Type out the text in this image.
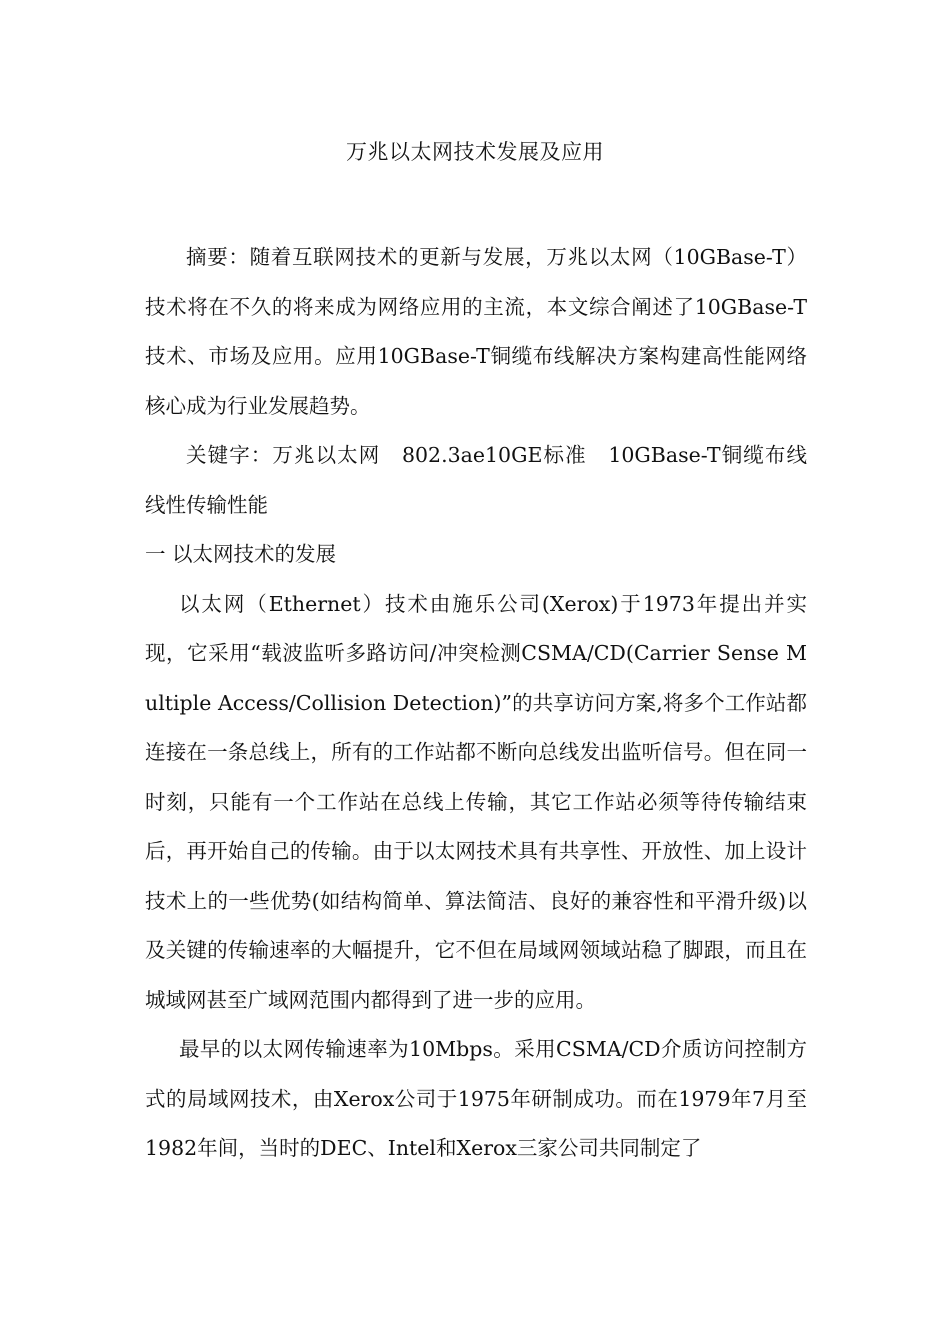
万兆以太网技术发展及应用

摘要：随着互联网技术的更新与发展，万兆以太网（10GBase-T）技术将在不久的将来成为网络应用的主流，本文综合阐述了10GBase-T技术、市场及应用。应用10GBase-T铜缆布线解决方案构建高性能网络核心成为行业发展趋势。

关键字：万兆以太网　802.3ae10GE标准　10GBase-T铜缆布线线性传输性能

一 以太网技术的发展

以太网（Ethernet）技术由施乐公司(Xerox)于1973年提出并实现，它采用“载波监听多路访问/冲突检测CSMA/CD(Carrier Sense Multiple Access/Collision Detection)”的共享访问方案,将多个工作站都连接在一条总线上，所有的工作站都不断向总线发出监听信号。但在同一时刻，只能有一个工作站在总线上传输，其它工作站必须等待传输结束后，再开始自己的传输。由于以太网技术具有共享性、开放性、加上设计技术上的一些优势(如结构简单、算法简洁、良好的兼容性和平滑升级)以及关键的传输速率的大幅提升，它不但在局域网领域站稳了脚跟，而且在城域网甚至广域网范围内都得到了进一步的应用。

最早的以太网传输速率为10Mbps。采用CSMA/CD介质访问控制方式的局域网技术，由Xerox公司于1975年研制成功。而在1979年7月至1982年间，当时的DEC、Intel和Xerox三家公司共同制定了
